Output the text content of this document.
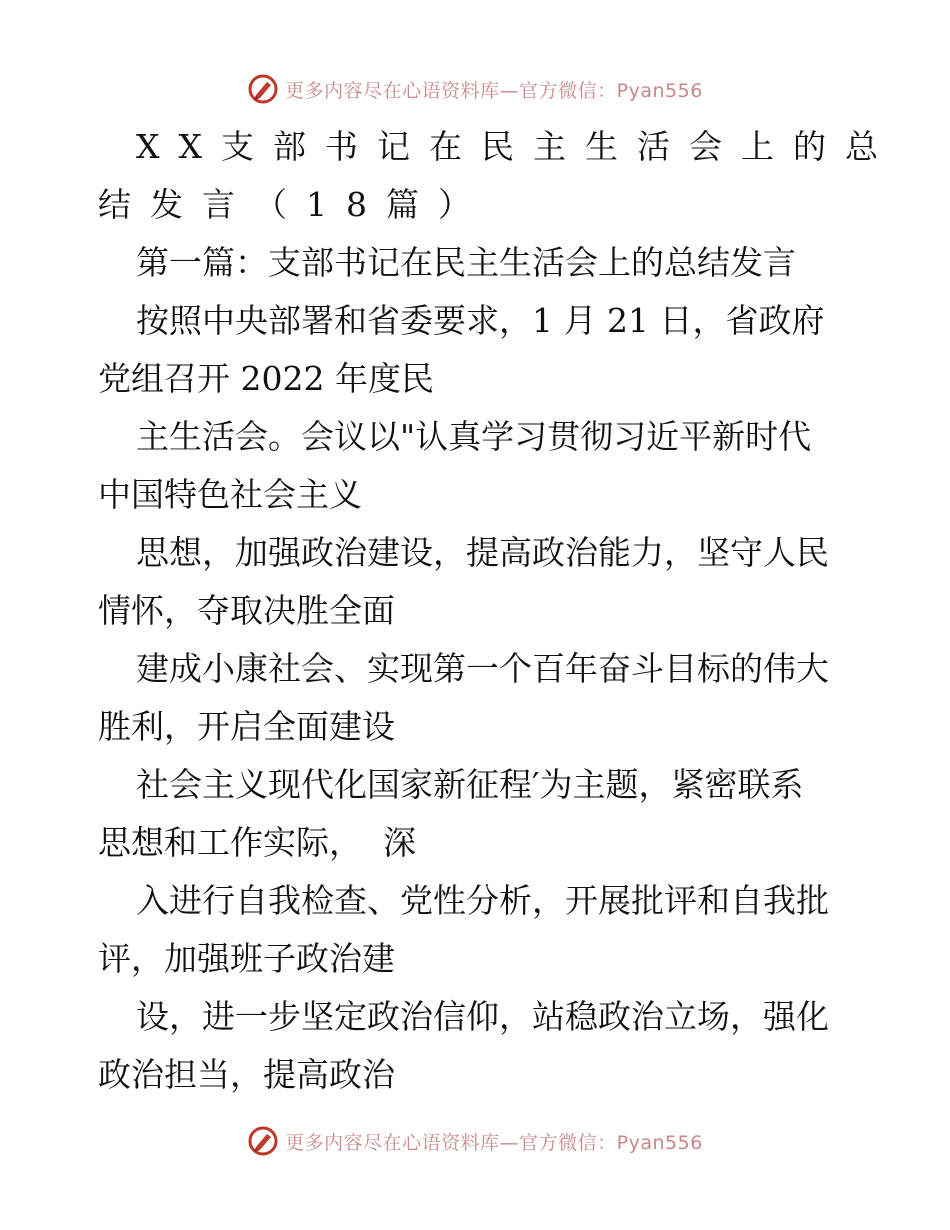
更多内容尽在心语资料库—官方微信：Pyan556
XX支部书记在民主生活会上的总
结发言（18篇）
第一篇：支部书记在民主生活会上的总结发言
按照中央部署和省委要求，1 月 21 日，省政府
党组召开 2022 年度民
主生活会。会议以"认真学习贯彻习近平新时代
中国特色社会主义
思想，加强政治建设，提高政治能力，坚守人民
情怀，夺取决胜全面
建成小康社会、实现第一个百年奋斗目标的伟大
胜利，开启全面建设
社会主义现代化国家新征程′为主题，紧密联系
思想和工作实际，  深
入进行自我检查、党性分析，开展批评和自我批
评，加强班子政治建
设，进一步坚定政治信仰，站稳政治立场，强化
政治担当，提高政治
更多内容尽在心语资料库—官方微信：Pyan556
